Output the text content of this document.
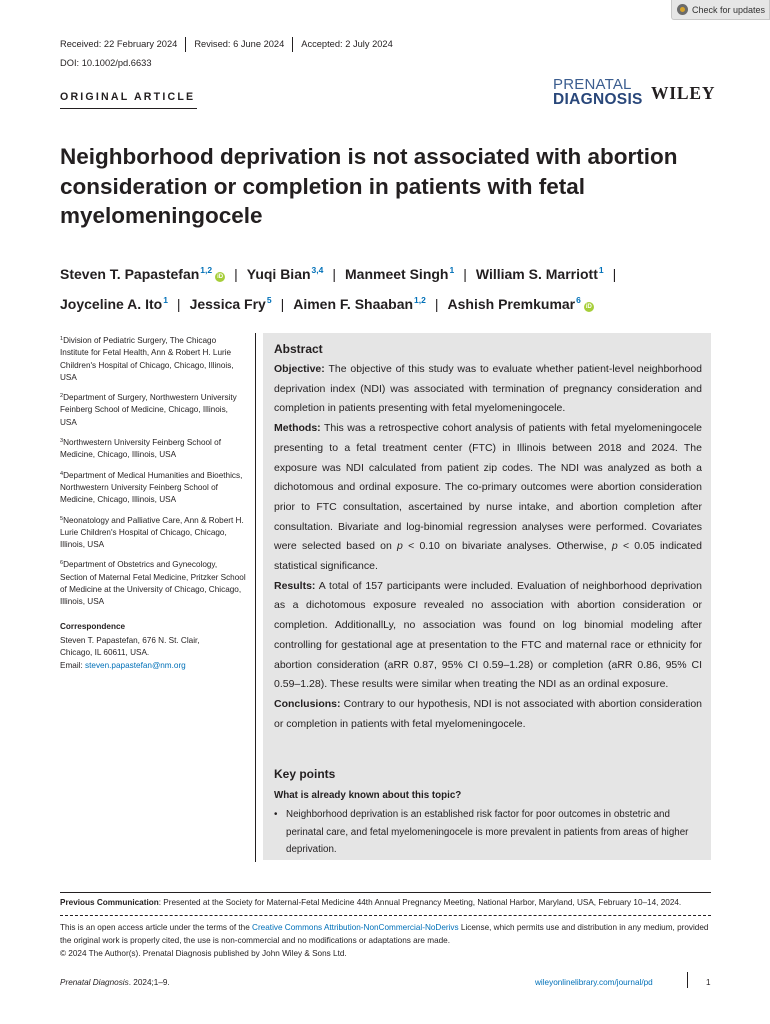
Check for updates
Received: 22 February 2024	Revised: 6 June 2024	Accepted: 2 July 2024
DOI: 10.1002/pd.6633
ORIGINAL ARTICLE
PRENATAL
DIAGNOSIS WILEY
Neighborhood deprivation is not associated with abortion consideration or completion in patients with fetal myelomeningocele
Steven T. Papastefan$^{1,2}$iD | Yuqi Bian$^{3,4}$ | Manmeet Singh$^1$ | William S. Marriott$^1$ |
Joyceline A. Ito$^1$ | Jessica Fry$^5$ | Aimen F. Shaaban$^{1,2}$ | Ashish Premkumar$^6$iD
$^1$Division of Pediatric Surgery, The Chicago Institute for Fetal Health, Ann & Robert H. Lurie Children's Hospital of Chicago, Chicago, Illinois, USA
$^2$Department of Surgery, Northwestern University Feinberg School of Medicine, Chicago, Illinois, USA
$^3$Northwestern University Feinberg School of Medicine, Chicago, Illinois, USA
$^4$Department of Medical Humanities and Bioethics, Northwestern University Feinberg School of Medicine, Chicago, Illinois, USA
$^5$Neonatology and Palliative Care, Ann & Robert H. Lurie Children's Hospital of Chicago, Chicago, Illinois, USA
$^6$Department of Obstetrics and Gynecology, Section of Maternal Fetal Medicine, Pritzker School of Medicine at the University of Chicago, Chicago, Illinois, USA
Correspondence
Steven T. Papastefan, 676 N. St. Clair,
Chicago, IL 60611, USA.
Email: steven.papastefan@nm.org
Abstract

Objective: The objective of this study was to evaluate whether patient-level neighborhood deprivation index (NDI) was associated with termination of pregnancy consideration and completion in patients presenting with fetal myelomeningocele.

Methods: This was a retrospective cohort analysis of patients with fetal myelomeningocele presenting to a fetal treatment center (FTC) in Illinois between 2018 and 2024. The exposure was NDI calculated from patient zip codes. The NDI was analyzed as both a dichotomous and ordinal exposure. The co-primary outcomes were abortion consideration prior to FTC consultation, ascertained by nurse intake, and abortion completion after consultation. Bivariate and log-binomial regression analyses were performed. Covariates were selected based on p < 0.10 on bivariate analyses. Otherwise, p < 0.05 indicated statistical significance.

Results: A total of 157 participants were included. Evaluation of neighborhood deprivation as a dichotomous exposure revealed no association with abortion consideration or completion. AdditionallLy, no association was found on log binomial modeling after controlling for gestational age at presentation to the FTC and maternal race or ethnicity for abortion consideration (aRR 0.87, 95% CI 0.59–1.28) or completion (aRR 0.86, 95% CI 0.59–1.28). These results were similar when treating the NDI as an ordinal exposure.

Conclusions: Contrary to our hypothesis, NDI is not associated with abortion consideration or completion in patients with fetal myelomeningocele.

Key points
What is already known about this topic?
• Neighborhood deprivation is an established risk factor for poor outcomes in obstetric and perinatal care, and fetal myelomeningocele is more prevalent in patients from areas of higher deprivation.
Previous Communication: Presented at the Society for Maternal-Fetal Medicine 44th Annual Pregnancy Meeting, National Harbor, Maryland, USA, February 10–14, 2024.
This is an open access article under the terms of the Creative Commons Attribution-NonCommercial-NoDerivs License, which permits use and distribution in any medium, provided the original work is properly cited, the use is non-commercial and no modifications or adaptations are made.
© 2024 The Author(s). Prenatal Diagnosis published by John Wiley & Sons Ltd.
Prenatal Diagnosis. 2024;1–9.	wileyonlinelibrary.com/journal/pd	1
